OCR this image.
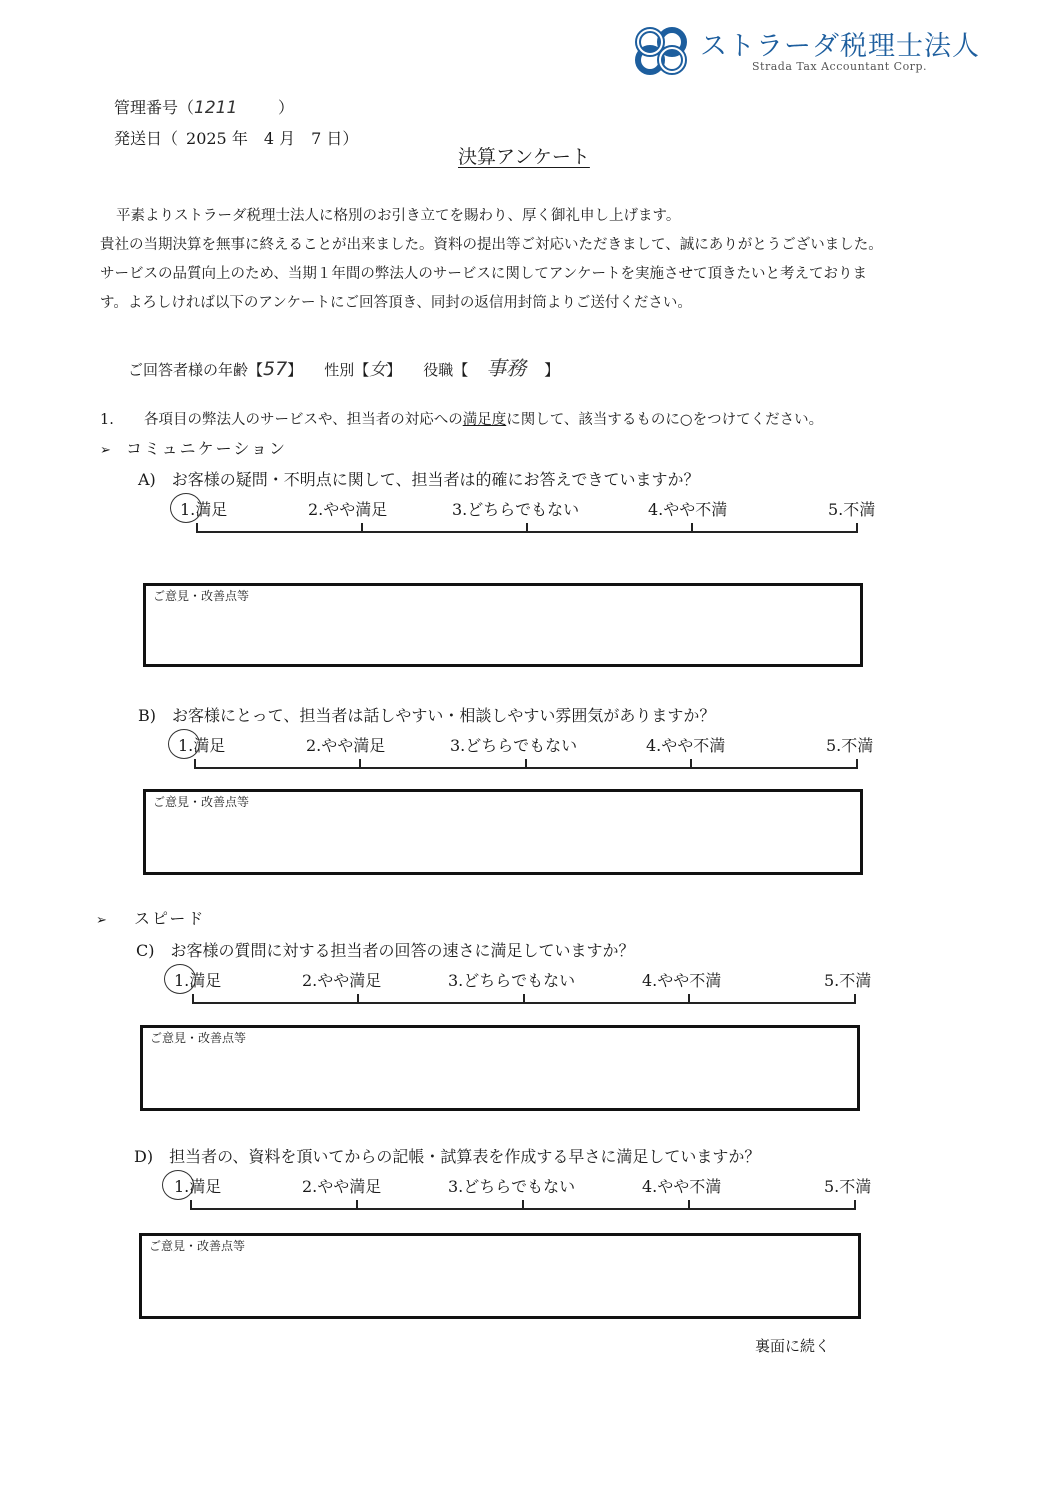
ストラーダ税理士法人
Strada Tax Accountant Corp.
管理番号（1211	）
発送日（ 2025 年　4 月　7 日）
決算アンケート
平素よりストラーダ税理士法人に格別のお引き立てを賜わり、厚く御礼申し上げます。
貴社の当期決算を無事に終えることが出来ました。資料の提出等ご対応いただきまして、誠にありがとうございました。
サービスの品質向上のため、当期１年間の弊法人のサービスに関してアンケートを実施させて頂きたいと考えておりま
す。よろしければ以下のアンケートにご回答頂き、同封の返信用封筒よりご送付ください。
ご回答者様の年齢【57】 性別【女】 役職【 事務 】
1. 各項目の弊法人のサービスや、担当者の対応への満足度に関して、該当するものに○をつけてください。
➢ コミュニケーション
A)　お客様の疑問・不明点に関して、担当者は的確にお答えできていますか？
1.満足	2.やや満足	3.どちらでもない	4.やや不満	5.不満
ご意見・改善点等
B)　お客様にとって、担当者は話しやすい・相談しやすい雰囲気がありますか？
1.満足	2.やや満足	3.どちらでもない	4.やや不満	5.不満
ご意見・改善点等
➢ スピード
C)　お客様の質問に対する担当者の回答の速さに満足していますか？
1.満足	2.やや満足	3.どちらでもない	4.やや不満	5.不満
ご意見・改善点等
D)　担当者の、資料を頂いてからの記帳・試算表を作成する早さに満足していますか？
1.満足	2.やや満足	3.どちらでもない	4.やや不満	5.不満
ご意見・改善点等
裏面に続く
